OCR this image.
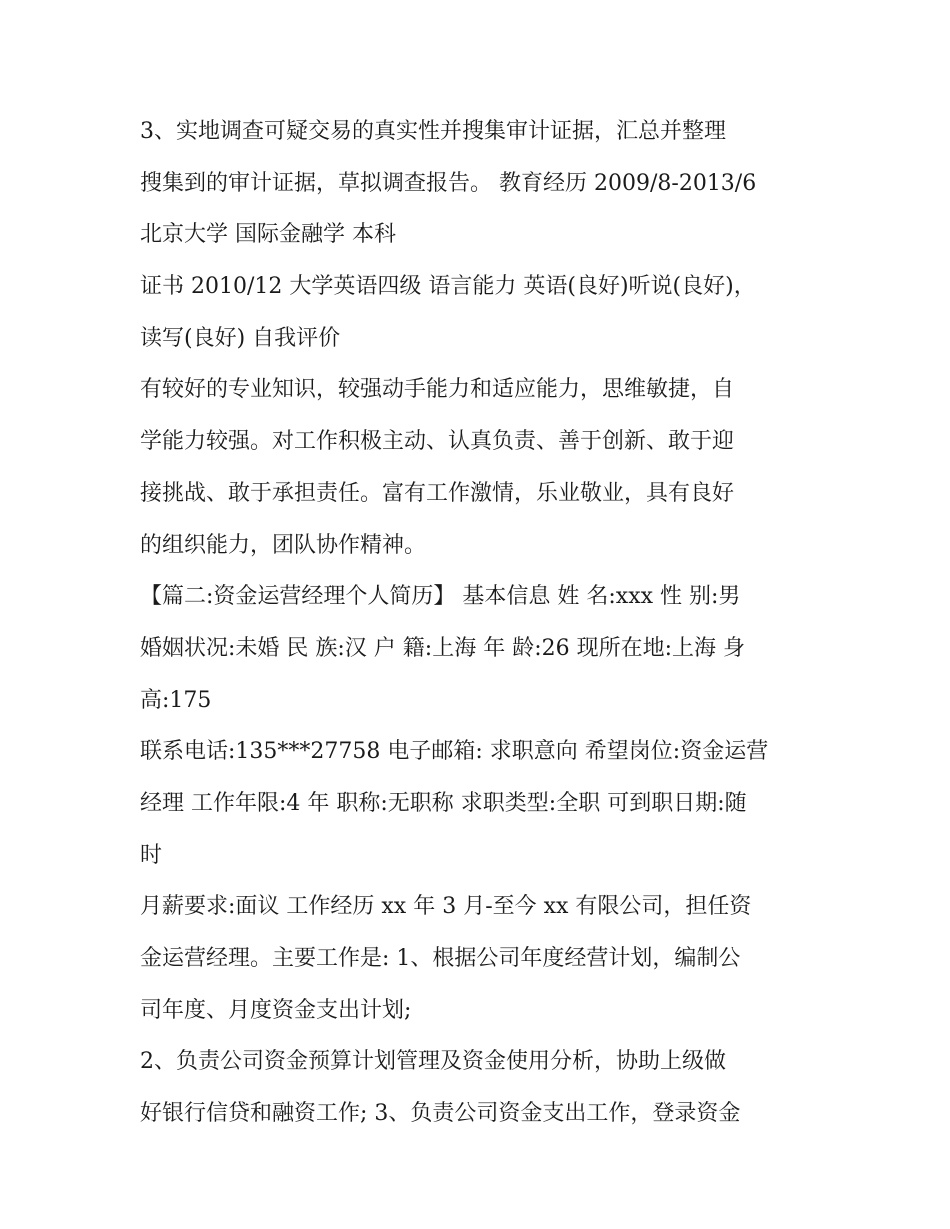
3、实地调查可疑交易的真实性并搜集审计证据，汇总并整理
搜集到的审计证据，草拟调查报告。 教育经历 2009/8-2013/6
北京大学 国际金融学 本科
证书 2010/12 大学英语四级 语言能力 英语(良好)听说(良好)，
读写(良好) 自我评价
有较好的专业知识，较强动手能力和适应能力，思维敏捷，自
学能力较强。对工作积极主动、认真负责、善于创新、敢于迎
接挑战、敢于承担责任。富有工作激情，乐业敬业，具有良好
的组织能力，团队协作精神。
【篇二:资金运营经理个人简历】 基本信息 姓 名:xxx 性 别:男
婚姻状况:未婚 民 族:汉 户 籍:上海 年 龄:26 现所在地:上海 身
高:175
联系电话:135***27758 电子邮箱: 求职意向 希望岗位:资金运营
经理 工作年限:4 年 职称:无职称 求职类型:全职 可到职日期:随
时
月薪要求:面议 工作经历 xx 年 3 月-至今 xx 有限公司，担任资
金运营经理。主要工作是: 1、根据公司年度经营计划，编制公
司年度、月度资金支出计划;
2、负责公司资金预算计划管理及资金使用分析，协助上级做
好银行信贷和融资工作; 3、负责公司资金支出工作，登录资金
